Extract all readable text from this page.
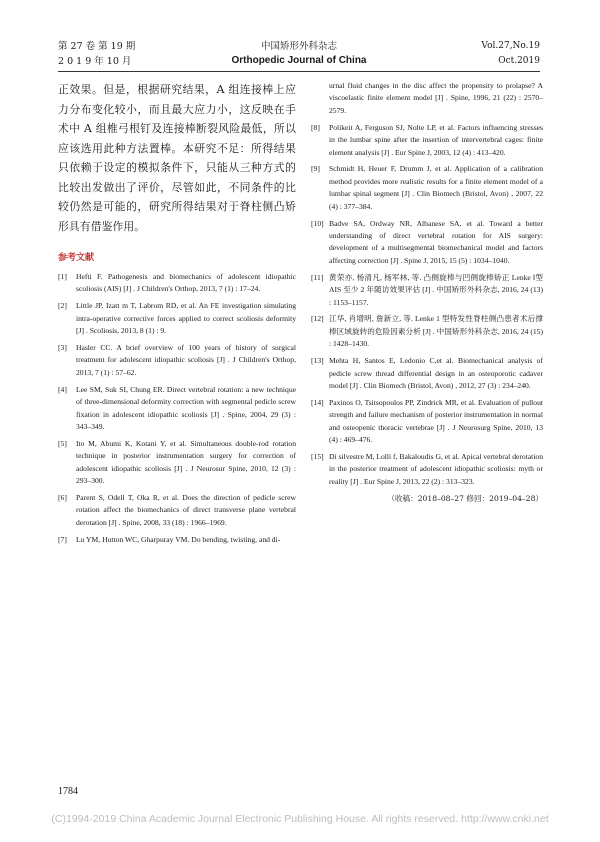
第 27 卷 第 19 期
2 0 1 9 年 10 月
中国矫形外科杂志
Orthopedic Journal of China
Vol.27,No.19
Oct.2019

正效果。但是，根据研究结果，A 组连接棒上应力分布变化较小，而且最大应力小，这反映在手术中 A 组椎弓根钉及连接棒断裂风险最低，所以应该选用此种方法置棒。本研究不足：所得结果只依赖于设定的模拟条件下，只能从三种方式的比较出发做出了评价，尽管如此，不同条件的比较仍然是可能的，研究所得结果对于脊柱侧凸矫形具有借鉴作用。

参考文献
[1]	Hefti F. Pathogenesis and biomechanics of adolescent idiopathic scoliosis (AIS) [J] . J Children's Orthop, 2013, 7 (1) : 17–24.
[2]	Little JP, Izatt m T, Labrom RD, et al. An FE investigation simulating intra-operative corrective forces applied to correct scoliosis deformity [J] . Scoliosis, 2013, 8 (1) : 9.
[3]	Hasler CC. A brief overview of 100 years of history of surgical treatment for adolescent idiopathic scoliosis [J] . J Children's Orthop, 2013, 7 (1) : 57–62.
[4]	Lee SM, Suk SI, Chung ER. Direct vertebral rotation: a new technique of three-dimensional deformity correction with segmental pedicle screw fixation in adolescent idiopathic scoliosis [J] . Spine, 2004, 29 (3) : 343–349.
[5]	Ito M, Abumi K, Kotani Y, et al. Simultaneous double-rod rotation technique in posterior instrumentation surgery for correction of adolescent idiopathic scoliosis [J] . J Neurosur Spine, 2010, 12 (3) : 293–300.
[6]	Parent S, Odell T, Oka R, et al. Does the direction of pedicle screw rotation affect the biomechanics of direct transverse plane vertebral derotation [J] . Spine, 2008, 33 (18) : 1966–1969.
[7]	Lu YM, Hutton WC, Gharpuray VM. Do bending, twisting, and di-
urnal fluid changes in the disc affect the propensity to prolapse? A viscoelastic finite element model [J] . Spine, 1996, 21 (22) : 2570–2579.
[8]	Polikeit A, Ferguson SJ, Nolte LP, et al. Factors influencing stresses in the lumbar spine after the insertion of intervertebral cages: finite element analysis [J] . Eur Spine J, 2003, 12 (4) : 413–420.
[9]	Schmidt H, Heuer F, Drumm J, et al. Application of a calibration method provides more realistic results for a finite element model of a lumbar spinal segment [J] . Clin Biomech (Bristol, Avon) , 2007, 22 (4) : 377–384.
[10] Badve SA, Ordway NR, Albanese SA, et al. Toward a better understanding of direct vertebral rotation for AIS surgery: development of a multisegmental biomechanical model and factors affecting correction [J] . Spine J, 2015, 15 (5) : 1034–1040.
[11] 黄荣亦, 杨清凡, 杨军林, 等. 凸侧旋棒与凹侧旋棒矫正 Lenke Ⅰ型 AIS 至少 2 年随访效果评估 [J] . 中国矫形外科杂志, 2016, 24 (13) : 1153–1157.
[12] 江华, 肖增明, 詹新立, 等. Lenke 1 型特发性脊柱侧凸患者术后撑棒区域旋转的危险因素分析 [J] . 中国矫形外科杂志, 2016, 24 (15) : 1428–1430.
[13] Mehta H, Santos E, Ledonio C,et al. Biomechanical analysis of pedicle screw thread differential design in an osteoporotic cadaver model [J] . Clin Biomech (Bristol, Avon) , 2012, 27 (3) : 234–240.
[14] Paxinos O, Tsitsopoulos PP, Zindrick MR, et al. Evaluation of pullout strength and failure mechanism of posterior instrumentation in normal and osteopenic thoracic vertebrae [J] . J Neurosurg Spine, 2010, 13 (4) : 469–476.
[15] Di silvestre M, Lolli f, Bakaloudis G, et al. Apical vertebral derotation in the posterior treatment of adolescent idiopathic scoliosis: myth or reality [J] . Eur Spine J, 2013, 22 (2) : 313–323.
（收稿：2018–08–27 修回：2019–04–28）
1784
(C)1994-2019 China Academic Journal Electronic Publishing House. All rights reserved. http://www.cnki.net
